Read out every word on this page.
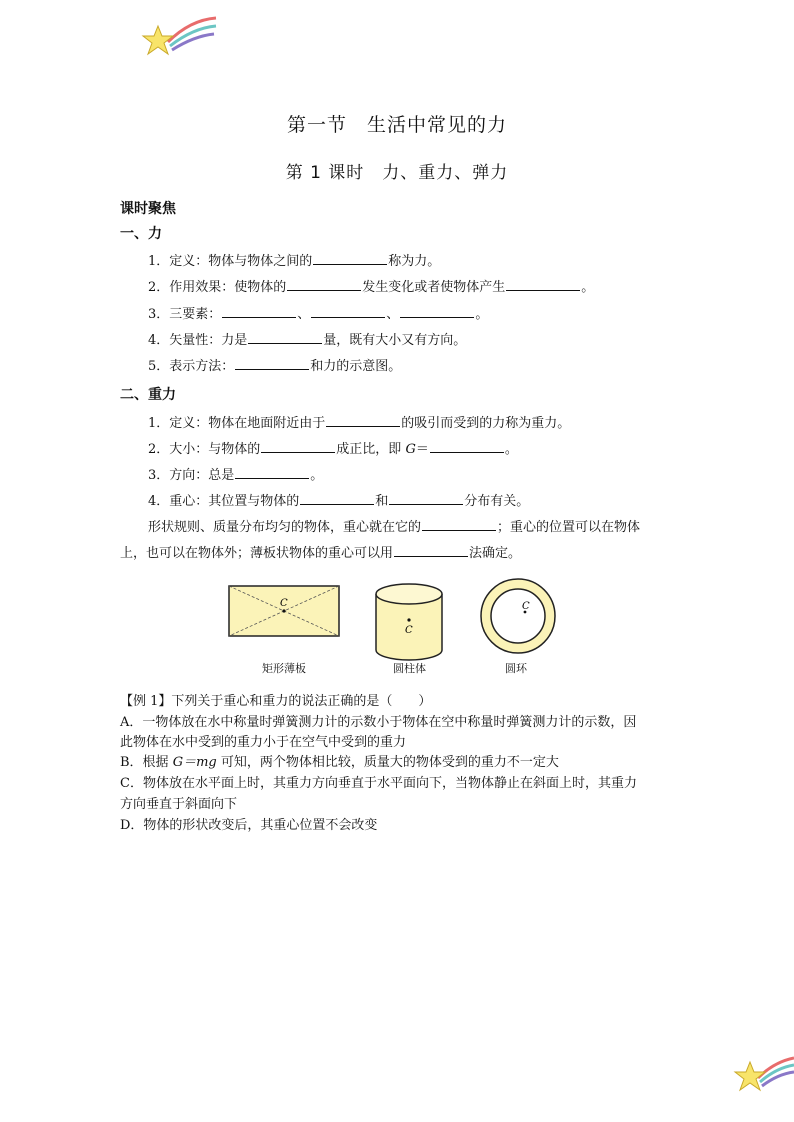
第一节　生活中常见的力
第 1 课时　力、重力、弹力
课时聚焦
一、力
1．定义：物体与物体之间的	称为力。
2．作用效果：使物体的	发生变化或者使物体产生	。
3．三要素：	、	、	。
4．矢量性：力是	量，既有大小又有方向。
5．表示方法：	和力的示意图。
二、重力
1．定义：物体在地面附近由于	的吸引而受到的力称为重力。
2．大小：与物体的	成正比，即 G＝	。
3．方向：总是	。
4．重心：其位置与物体的	和	分布有关。
形状规则、质量分布均匀的物体，重心就在它的	；重心的位置可以在物体
上，也可以在物体外；薄板状物体的重心可以用	法确定。
C
C
C
矩形薄板	圆柱体	圆环
【例 1】下列关于重心和重力的说法正确的是（　　）
A．一物体放在水中称量时弹簧测力计的示数小于物体在空中称量时弹簧测力计的示数，因
此物体在水中受到的重力小于在空气中受到的重力
B．根据 G＝mg 可知，两个物体相比较，质量大的物体受到的重力不一定大
C．物体放在水平面上时，其重力方向垂直于水平面向下，当物体静止在斜面上时，其重力
方向垂直于斜面向下
D．物体的形状改变后，其重心位置不会改变
